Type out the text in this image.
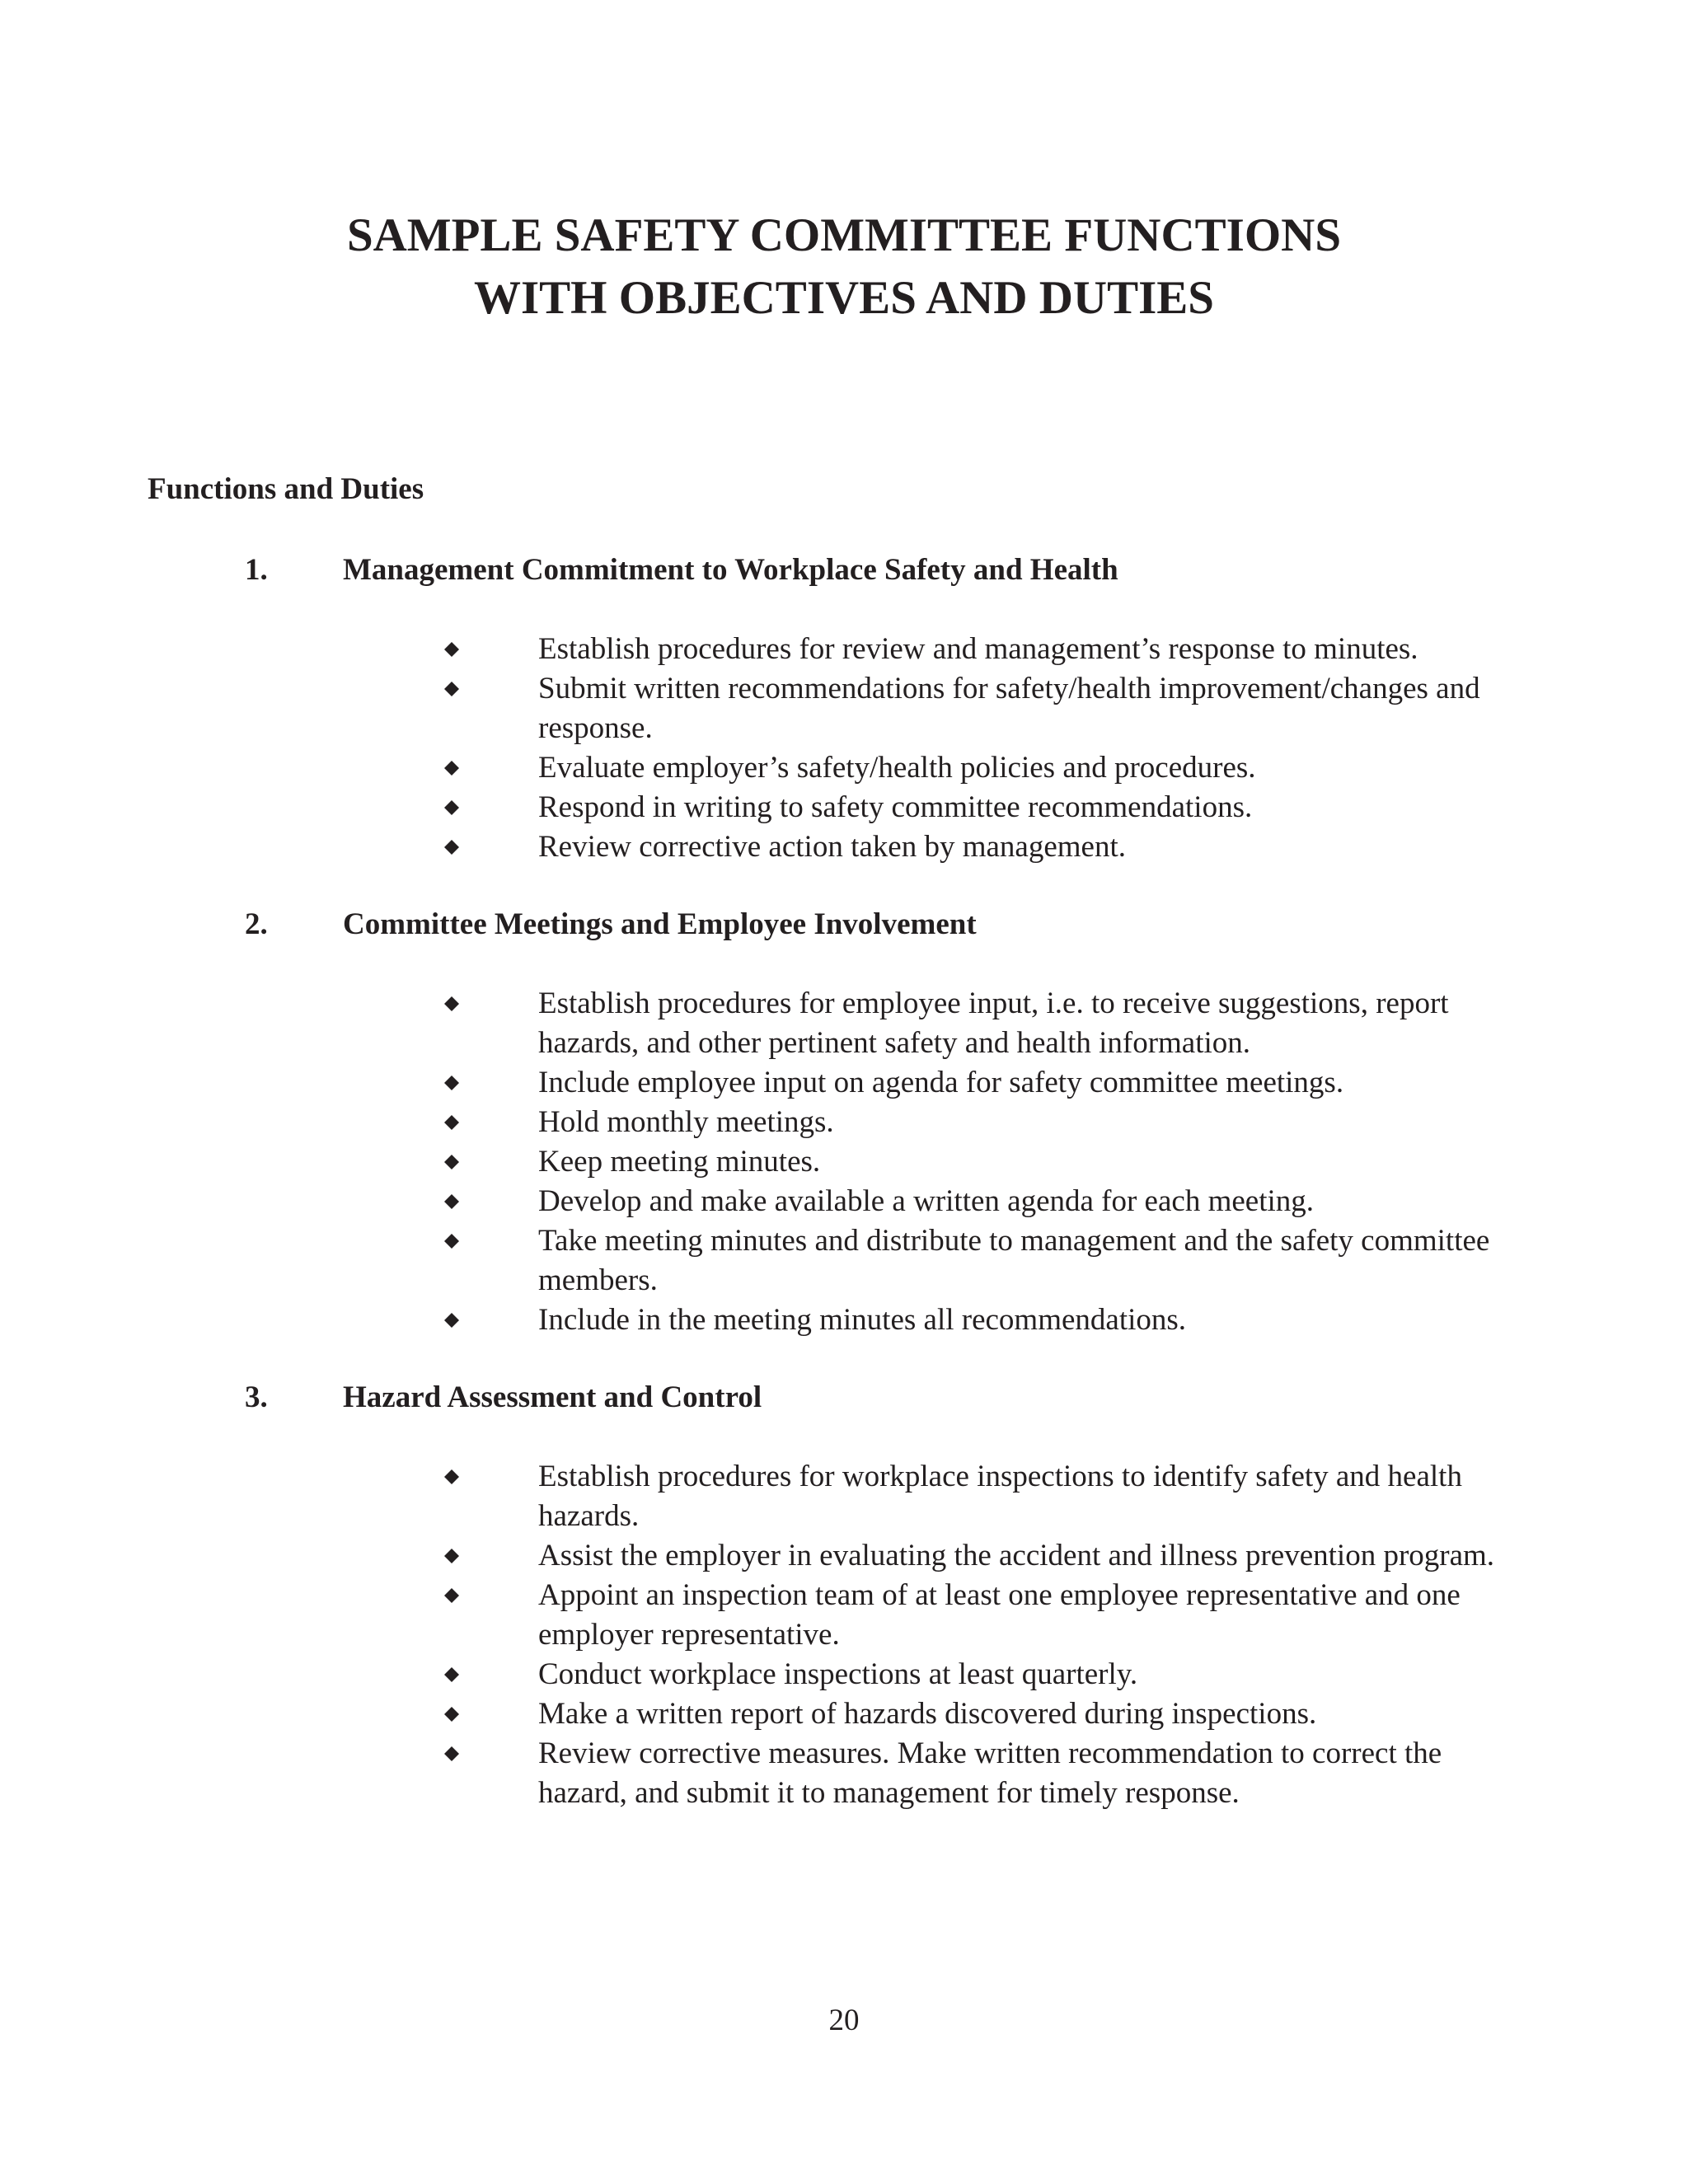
SAMPLE SAFETY COMMITTEE FUNCTIONS
WITH OBJECTIVES AND DUTIES
Functions and Duties
1. Management Commitment to Workplace Safety and Health
Establish procedures for review and management’s response to minutes.
Submit written recommendations for safety/health improvement/changes and response.
Evaluate employer’s safety/health policies and procedures.
Respond in writing to safety committee recommendations.
Review corrective action taken by management.
2. Committee Meetings and Employee Involvement
Establish procedures for employee input, i.e. to receive suggestions, report hazards, and other pertinent safety and health information.
Include employee input on agenda for safety committee meetings.
Hold monthly meetings.
Keep meeting minutes.
Develop and make available a written agenda for each meeting.
Take meeting minutes and distribute to management and the safety committee members.
Include in the meeting minutes all recommendations.
3. Hazard Assessment and Control
Establish procedures for workplace inspections to identify safety and health hazards.
Assist the employer in evaluating the accident and illness prevention program.
Appoint an inspection team of at least one employee representative and one employer representative.
Conduct workplace inspections at least quarterly.
Make a written report of hazards discovered during inspections.
Review corrective measures. Make written recommendation to correct the hazard, and submit it to management for timely response.
20
